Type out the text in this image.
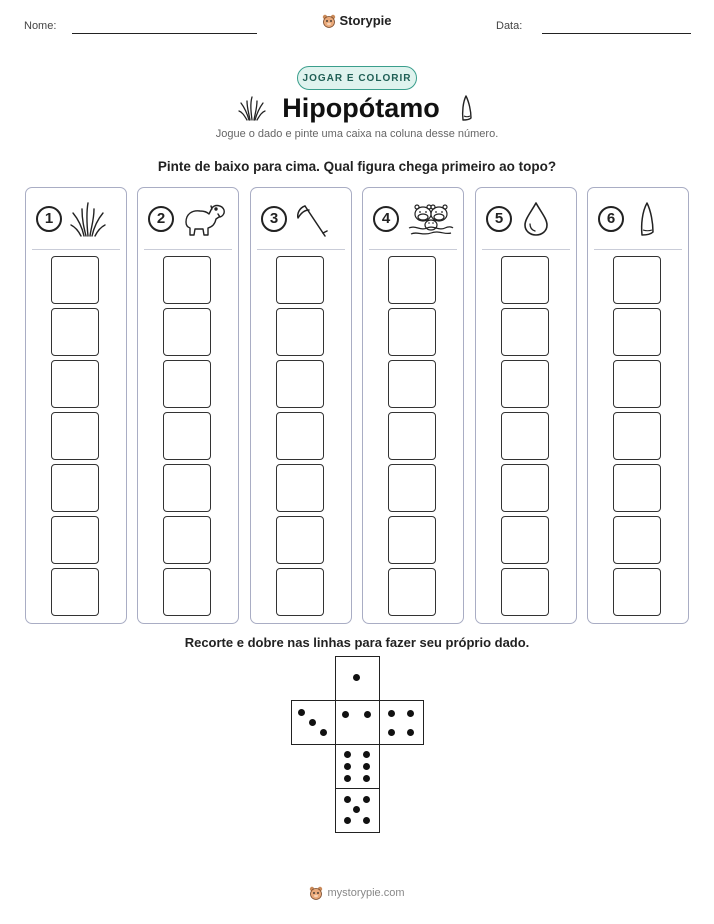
Nome:	Data:
Storypie
JOGAR E COLORIR
Hipopótamo
Jogue o dado e pinte uma caixa na coluna desse número.
Pinte de baixo para cima. Qual figura chega primeiro ao topo?
1	2	3	4	5	6
Recorte e dobre nas linhas para fazer seu próprio dado.
mystorypie.com
